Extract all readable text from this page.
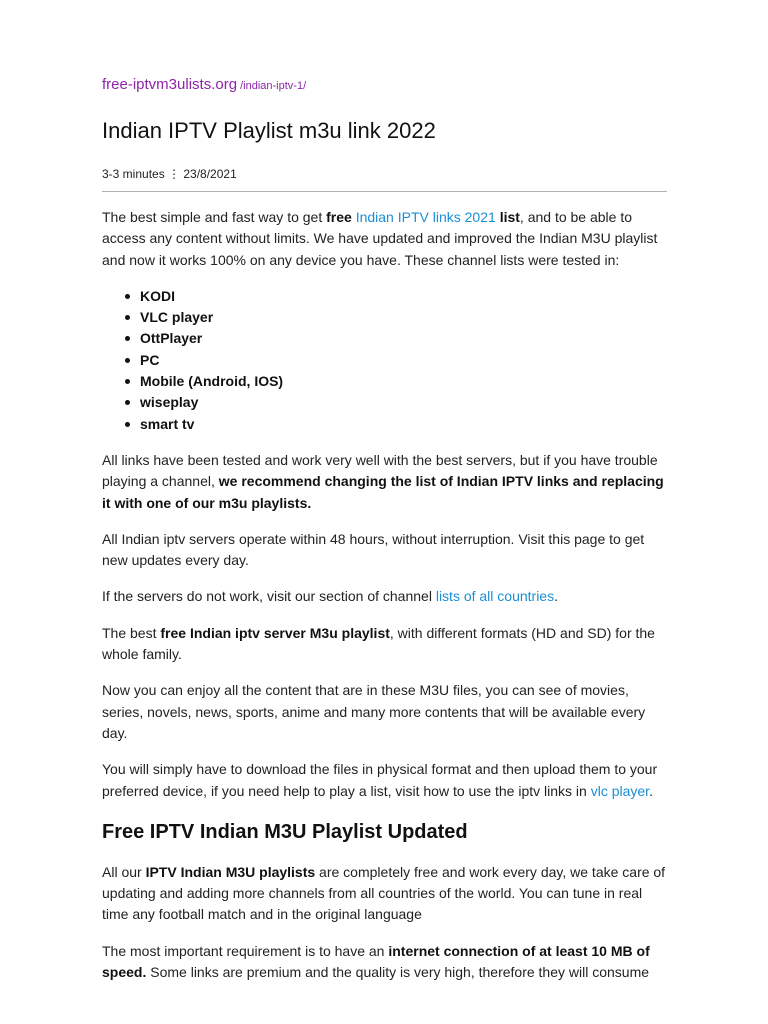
free-iptvm3ulists.org /indian-iptv-1/
Indian IPTV Playlist m3u link 2022
3-3 minutes ⋮ 23/8/2021

The best simple and fast way to get free Indian IPTV links 2021 list, and to be able to access any content without limits. We have updated and improved the Indian M3U playlist and now it works 100% on any device you have. These channel lists were tested in:

KODI
VLC player
OttPlayer
PC
Mobile (Android, IOS)
wiseplay
smart tv

All links have been tested and work very well with the best servers, but if you have trouble playing a channel, we recommend changing the list of Indian IPTV links and replacing it with one of our m3u playlists.

All Indian iptv servers operate within 48 hours, without interruption. Visit this page to get new updates every day.

If the servers do not work, visit our section of channel lists of all countries.

The best free Indian iptv server M3u playlist, with different formats (HD and SD) for the whole family.

Now you can enjoy all the content that are in these M3U files, you can see of movies, series, novels, news, sports, anime and many more contents that will be available every day.

You will simply have to download the files in physical format and then upload them to your preferred device, if you need help to play a list, visit how to use the iptv links in vlc player.

Free IPTV Indian M3U Playlist Updated

All our IPTV Indian M3U playlists are completely free and work every day, we take care of updating and adding more channels from all countries of the world. You can tune in real time any football match and in the original language

The most important requirement is to have an internet connection of at least 10 MB of speed. Some links are premium and the quality is very high, therefore they will consume
